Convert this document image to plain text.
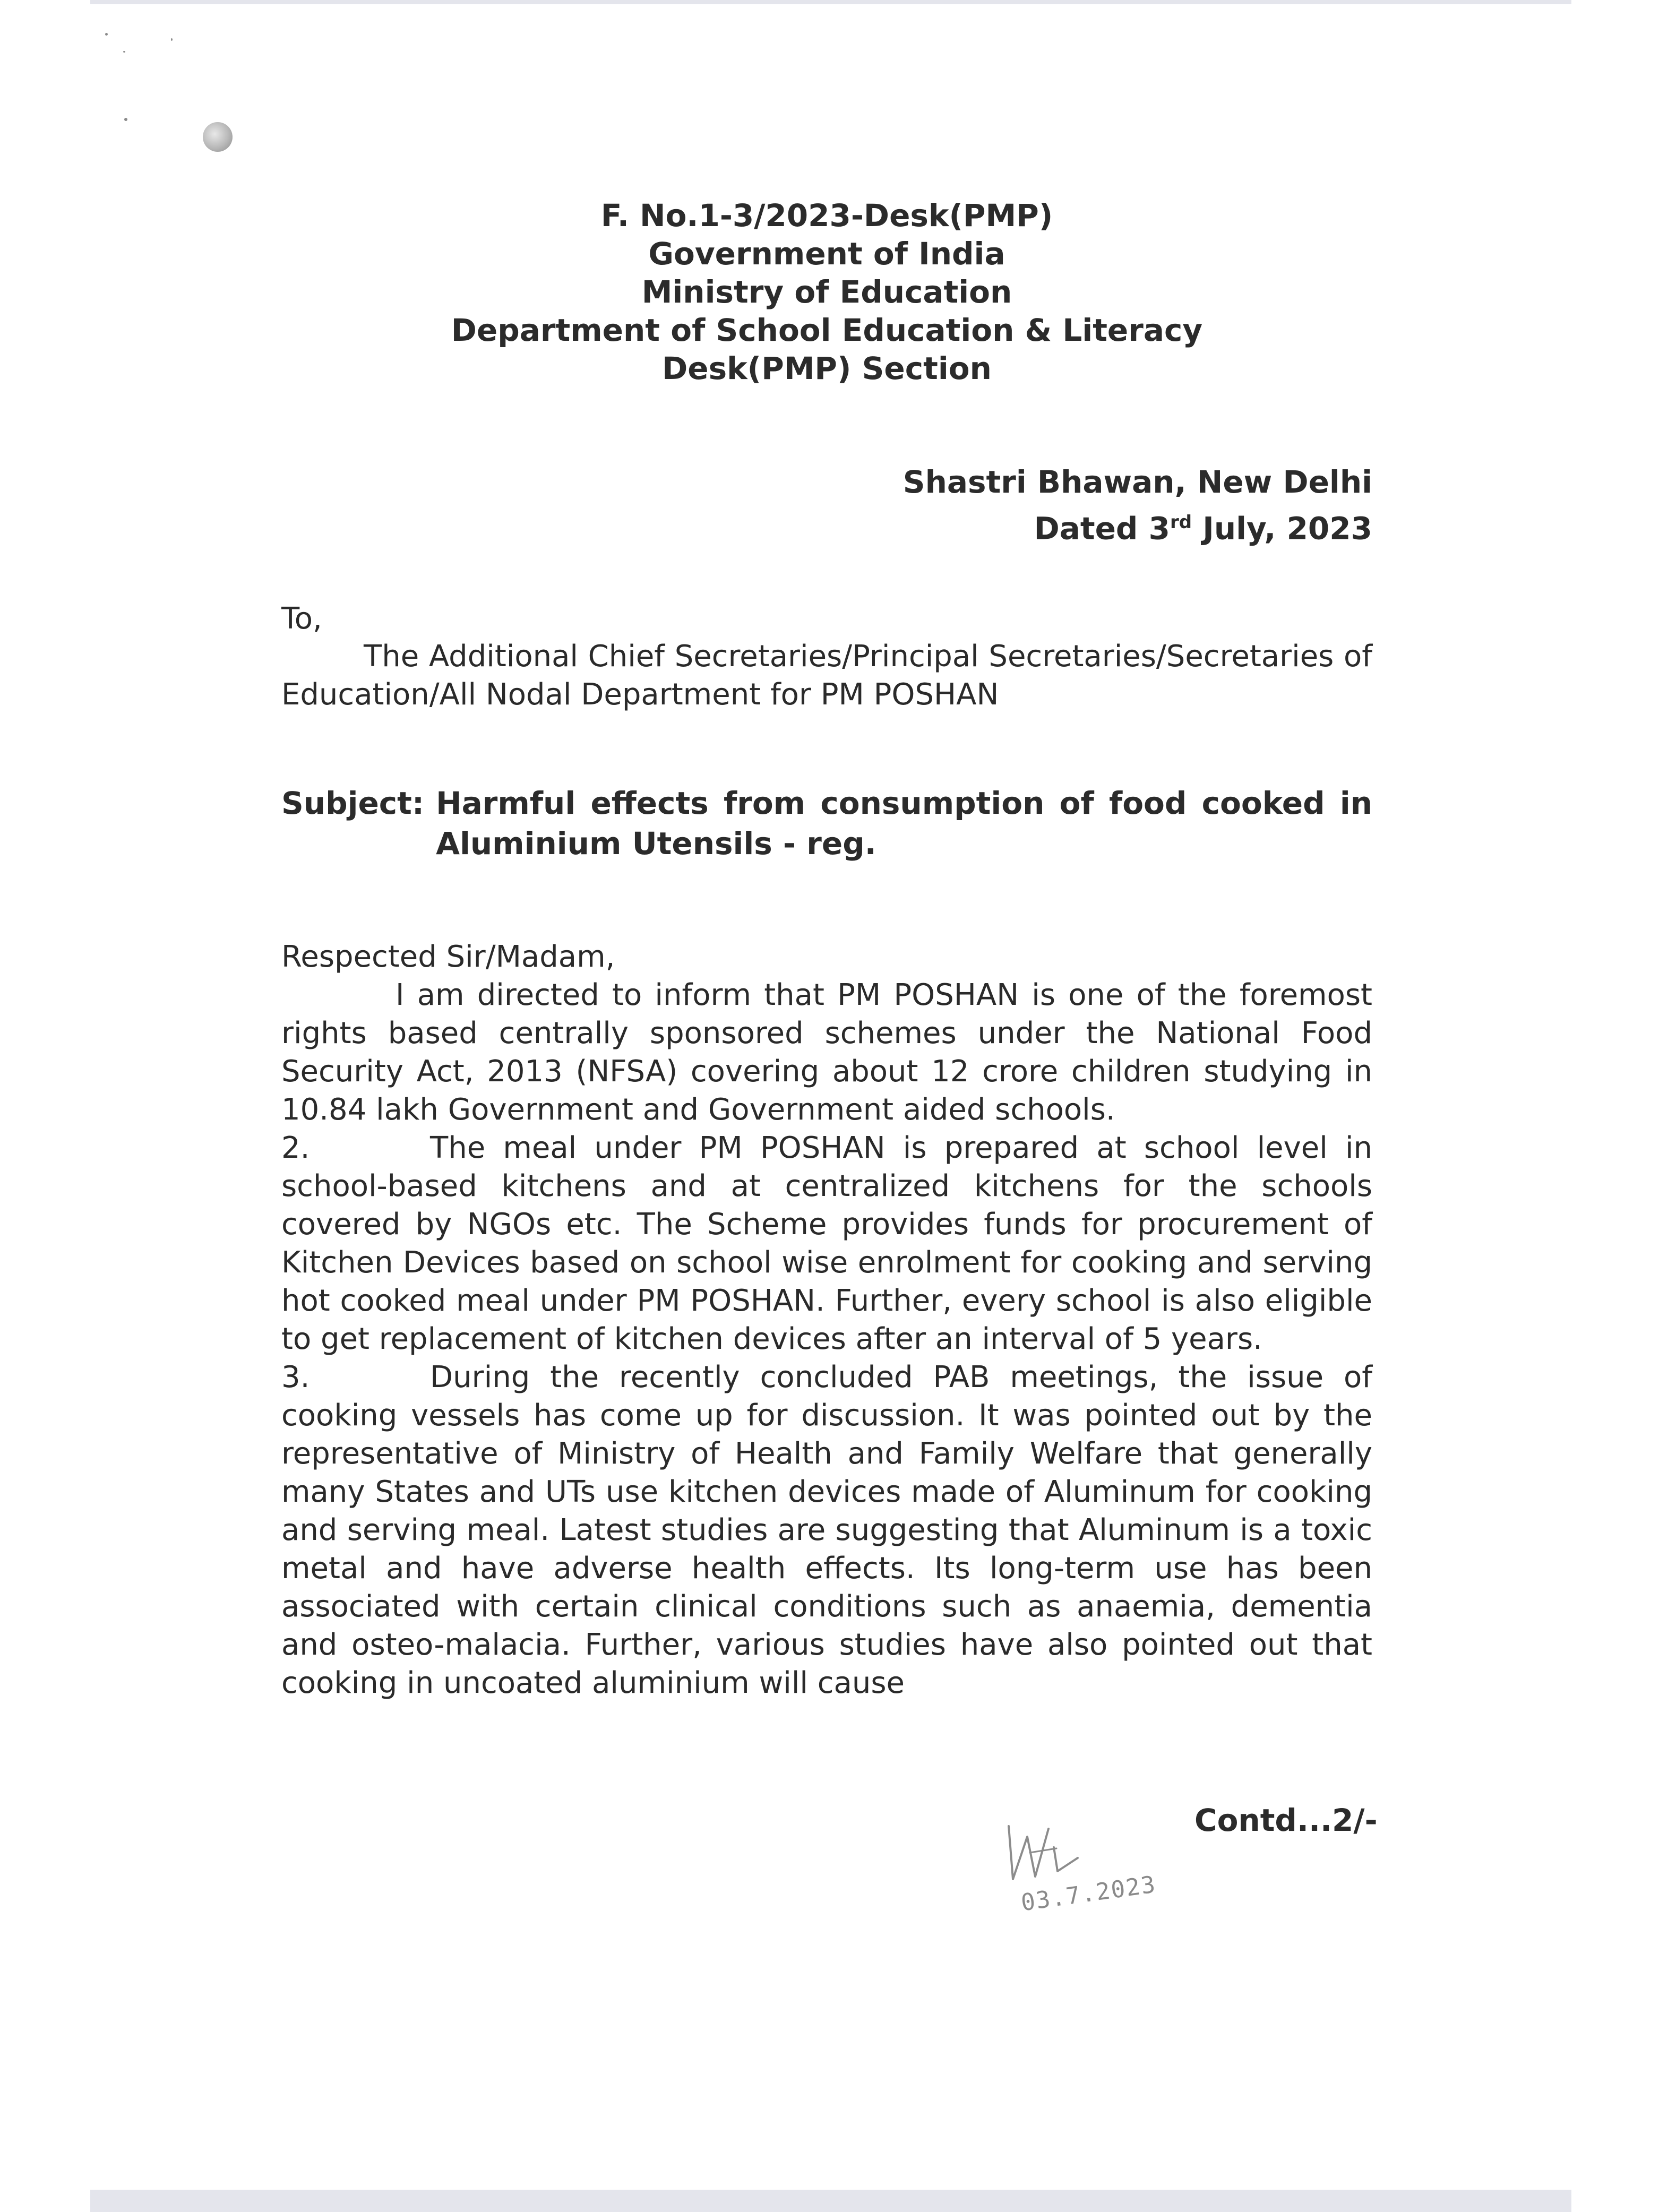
F. No.1-3/2023-Desk(PMP)
Government of India
Ministry of Education
Department of School Education & Literacy
Desk(PMP) Section
Shastri Bhawan, New Delhi
Dated 3rd July, 2023
To,
The Additional Chief Secretaries/Principal Secretaries/Secretaries of Education/All Nodal Department for PM POSHAN
Subject: Harmful effects from consumption of food cooked in Aluminium Utensils - reg.
Respected Sir/Madam,

I am directed to inform that PM POSHAN is one of the foremost rights based centrally sponsored schemes under the National Food Security Act, 2013 (NFSA) covering about 12 crore children studying in 10.84 lakh Government and Government aided schools.

2.	The meal under PM POSHAN is prepared at school level in school-based kitchens and at centralized kitchens for the schools covered by NGOs etc. The Scheme provides funds for procurement of Kitchen Devices based on school wise enrolment for cooking and serving hot cooked meal under PM POSHAN. Further, every school is also eligible to get replacement of kitchen devices after an interval of 5 years.

3.	During the recently concluded PAB meetings, the issue of cooking vessels has come up for discussion. It was pointed out by the representative of Ministry of Health and Family Welfare that generally many States and UTs use kitchen devices made of Aluminum for cooking and serving meal. Latest studies are suggesting that Aluminum is a toxic metal and have adverse health effects. Its long-term use has been associated with certain clinical conditions such as anaemia, dementia and osteo-malacia. Further, various studies have also pointed out that cooking in uncoated aluminium will cause

03.7.2023
Contd...2/-
